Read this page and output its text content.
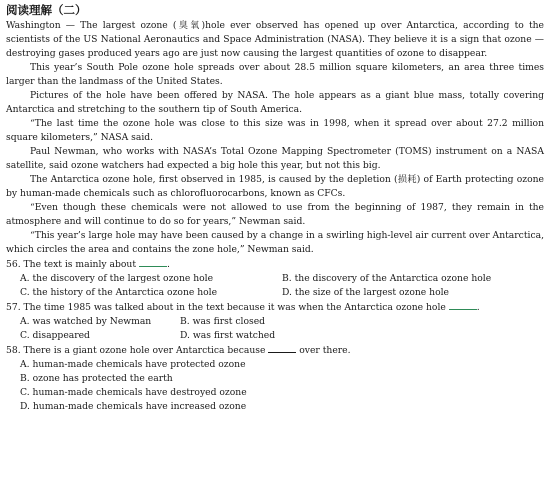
阅读理解（二）

Washington — The largest ozone (臭氧)hole ever observed has opened up over Antarctica, according to the scientists of the US National Aeronautics and Space Administration (NASA). They believe it is a sign that ozone — destroying gases produced years ago are just now causing the largest quantities of ozone to disappear.

This year’s South Pole ozone hole spreads over about 28.5 million square kilometers, an area three times larger than the landmass of the United States.

Pictures of the hole have been offered by NASA. The hole appears as a giant blue mass, totally covering Antarctica and stretching to the southern tip of South America.

“The last time the ozone hole was close to this size was in 1998, when it spread over about 27.2 million square kilometers,” NASA said.

Paul Newman, who works with NASA’s Total Ozone Mapping Spectrometer (TOMS) instrument on a NASA satellite, said ozone watchers had expected a big hole this year, but not this big.

The Antarctica ozone hole, first observed in 1985, is caused by the depletion (损耗) of Earth protecting ozone by human-made chemicals such as chlorofluorocarbons, known as CFCs.

“Even though these chemicals were not allowed to use from the beginning of 1987, they remain in the atmosphere and will continue to do so for years,” Newman said.

“This year’s large hole may have been caused by a change in a swirling high-level air current over Antarctica, which circles the area and contains the zone hole,” Newman said.

56. The text is mainly about	.
A. the discovery of the largest ozone hole	B. the discovery of the Antarctica ozone hole
C. the history of the Antarctica ozone hole	D. the size of the largest ozone hole
57. The time 1985 was talked about in the text because it was when the Antarctica ozone hole	.
A. was watched by Newman	B. was first closed
C. disappeared	D. was first watched
58. There is a giant ozone hole over Antarctica because	over there.
A. human-made chemicals have protected ozone
B. ozone has protected the earth
C. human-made chemicals have destroyed ozone
D. human-made chemicals have increased ozone
